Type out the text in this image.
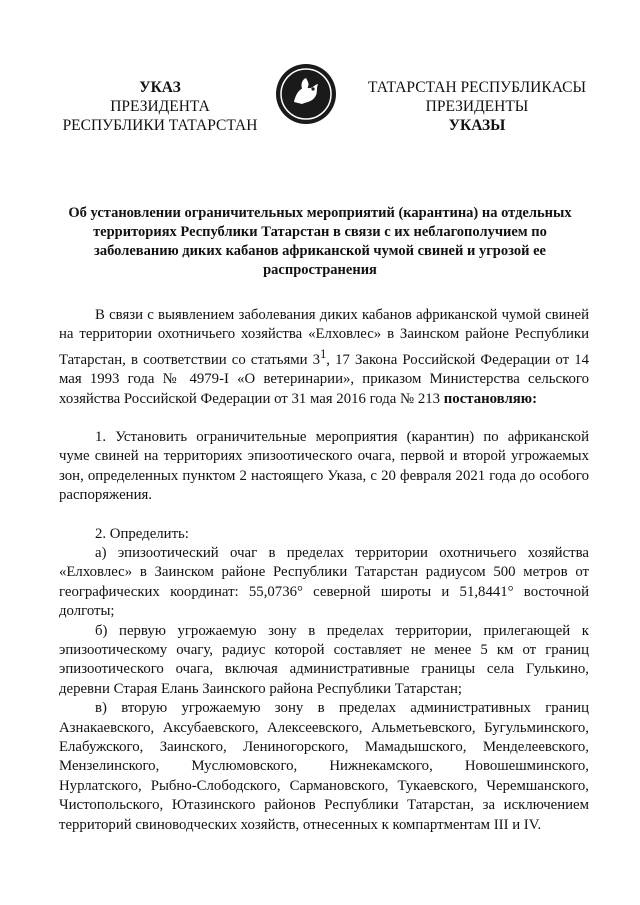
УКАЗ
ПРЕЗИДЕНТА
РЕСПУБЛИКИ ТАТАРСТАН
ТАТАРСТАН РЕСПУБЛИКАСЫ
ПРЕЗИДЕНТЫ
УКАЗЫ
Об установлении ограничительных мероприятий (карантина) на отдельных территориях Республики Татарстан в связи с их неблагополучием по заболеванию диких кабанов африканской чумой свиней и угрозой ее распространения

В связи с выявлением заболевания диких кабанов африканской чумой свиней на территории охотничьего хозяйства «Елховлес» в Заинском районе Республики Татарстан, в соответствии со статьями $3^1$, 17 Закона Российской Федерации от 14 мая 1993 года № 4979-I «О ветеринарии», приказом Министерства сельского хозяйства Российской Федерации от 31 мая 2016 года № 213 постановляю:

1. Установить ограничительные мероприятия (карантин) по африканской чуме свиней на территориях эпизоотического очага, первой и второй угрожаемых зон, определенных пунктом 2 настоящего Указа, с 20 февраля 2021 года до особого распоряжения.

2. Определить:

а) эпизоотический очаг в пределах территории охотничьего хозяйства «Елховлес» в Заинском районе Республики Татарстан радиусом 500 метров от географических координат: 55,0736° северной широты и 51,8441° восточной долготы;

б) первую угрожаемую зону в пределах территории, прилегающей к эпизоотическому очагу, радиус которой составляет не менее 5 км от границ эпизоотического очага, включая административные границы села Гулькино, деревни Старая Елань Заинского района Республики Татарстан;

в) вторую угрожаемую зону в пределах административных границ Азнакаевского, Аксубаевского, Алексеевского, Альметьевского, Бугульминского, Елабужского, Заинского, Лениногорского, Мамадышского, Менделеевского, Мензелинского, Муслюмовского, Нижнекамского, Новошешминского, Нурлатского, Рыбно-Слободского, Сармановского, Тукаевского, Черемшанского, Чистопольского, Ютазинского районов Республики Татарстан, за исключением территорий свиноводческих хозяйств, отнесенных к компартментам III и IV.
